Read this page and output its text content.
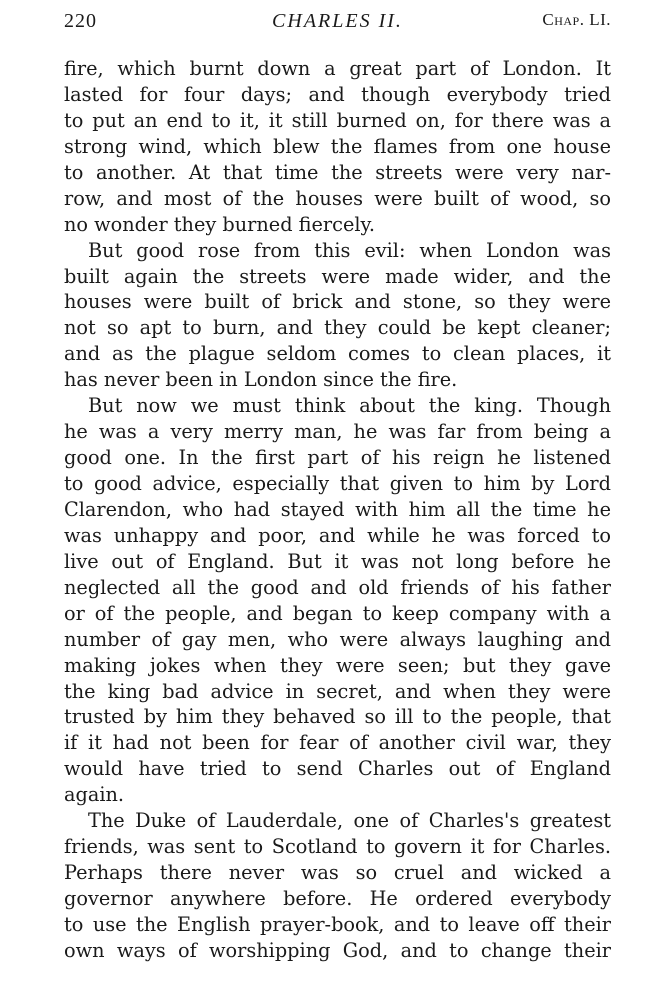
220	CHARLES II.	Chap. LI.
fire, which burnt down a great part of London. It
lasted for four days; and though everybody tried
to put an end to it, it still burned on, for there was a
strong wind, which blew the flames from one house
to another. At that time the streets were very nar-
row, and most of the houses were built of wood, so
no wonder they burned fiercely.
But good rose from this evil: when London was
built again the streets were made wider, and the
houses were built of brick and stone, so they were
not so apt to burn, and they could be kept cleaner;
and as the plague seldom comes to clean places, it
has never been in London since the fire.
But now we must think about the king. Though
he was a very merry man, he was far from being a
good one. In the first part of his reign he listened
to good advice, especially that given to him by Lord
Clarendon, who had stayed with him all the time he
was unhappy and poor, and while he was forced to
live out of England. But it was not long before he
neglected all the good and old friends of his father
or of the people, and began to keep company with a
number of gay men, who were always laughing and
making jokes when they were seen; but they gave
the king bad advice in secret, and when they were
trusted by him they behaved so ill to the people, that
if it had not been for fear of another civil war, they
would have tried to send Charles out of England
again.
The Duke of Lauderdale, one of Charles's greatest
friends, was sent to Scotland to govern it for Charles.
Perhaps there never was so cruel and wicked a
governor anywhere before. He ordered everybody
to use the English prayer-book, and to leave off their
own ways of worshipping God, and to change their
